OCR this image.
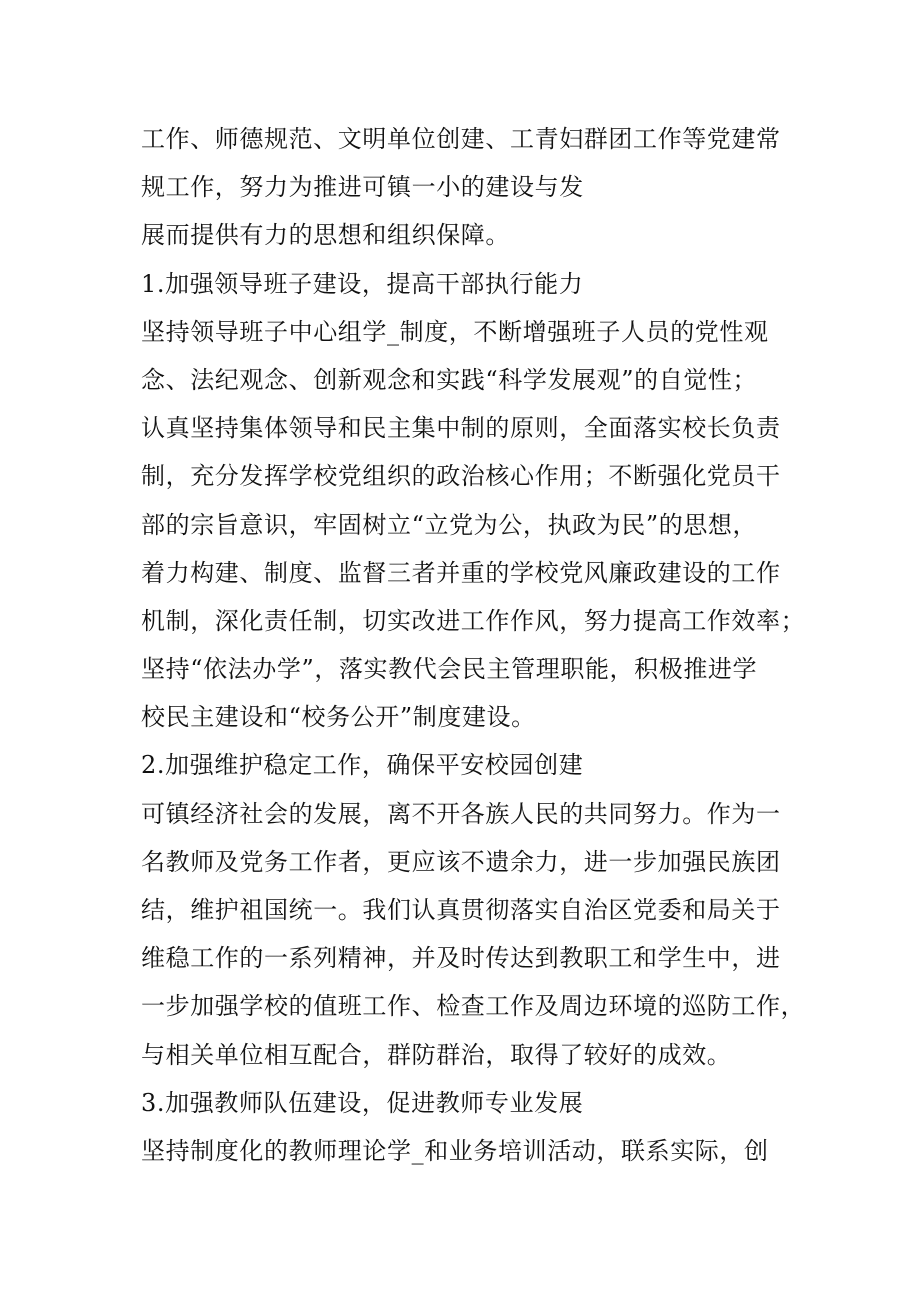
工作、师德规范、文明单位创建、工青妇群团工作等党建常
规工作，努力为推进可镇一小的建设与发
展而提供有力的思想和组织保障。
1.加强领导班子建设，提高干部执行能力
坚持领导班子中心组学_制度，不断增强班子人员的党性观
念、法纪观念、创新观念和实践“科学发展观”的自觉性；
认真坚持集体领导和民主集中制的原则，全面落实校长负责
制，充分发挥学校党组织的政治核心作用；不断强化党员干
部的宗旨意识，牢固树立“立党为公，执政为民”的思想，
着力构建、制度、监督三者并重的学校党风廉政建设的工作
机制，深化责任制，切实改进工作作风，努力提高工作效率；
坚持“依法办学”，落实教代会民主管理职能，积极推进学
校民主建设和“校务公开”制度建设。
2.加强维护稳定工作，确保平安校园创建
可镇经济社会的发展，离不开各族人民的共同努力。作为一
名教师及党务工作者，更应该不遗余力，进一步加强民族团
结，维护祖国统一。我们认真贯彻落实自治区党委和局关于
维稳工作的一系列精神，并及时传达到教职工和学生中，进
一步加强学校的值班工作、检查工作及周边环境的巡防工作，
与相关单位相互配合，群防群治，取得了较好的成效。
3.加强教师队伍建设，促进教师专业发展
坚持制度化的教师理论学_和业务培训活动，联系实际，创
